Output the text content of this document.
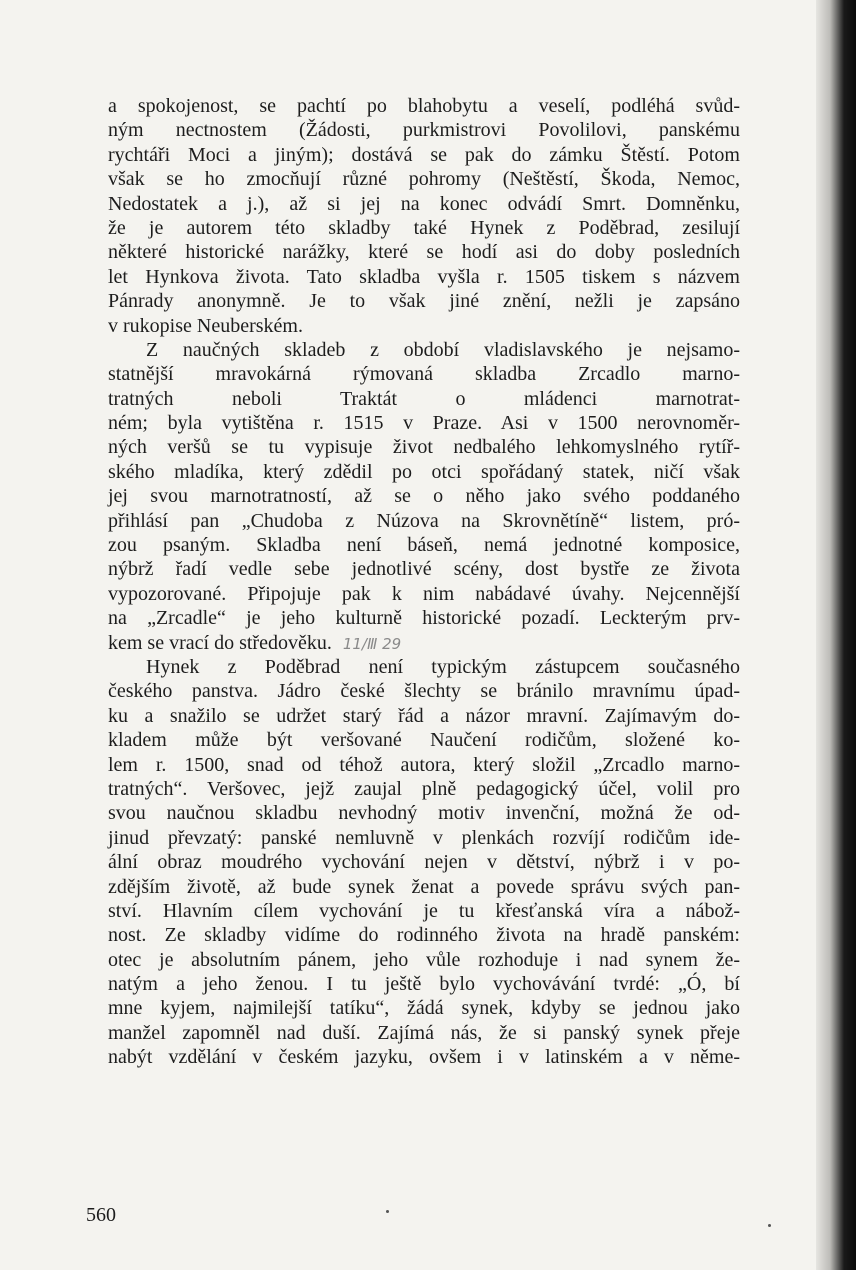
a spokojenost, se pachtí po blahobytu a veselí, podléhá svůd-
ným nectnostem (Žádosti, purkmistrovi Povolilovi, panskému
rychtáři Moci a jiným); dostává se pak do zámku Štěstí. Potom
však se ho zmocňují různé pohromy (Neštěstí, Škoda, Nemoc,
Nedostatek a j.), až si jej na konec odvádí Smrt. Domněnku,
že je autorem této skladby také Hynek z Poděbrad, zesilují
některé historické narážky, které se hodí asi do doby posledních
let Hynkova života. Tato skladba vyšla r. 1505 tiskem s názvem
Pánrady anonymně. Je to však jiné znění, nežli je zapsáno
v rukopise Neuberském.
Z naučných skladeb z období vladislavského je nejsamo-
statnější mravokárná rýmovaná skladba Zrcadlo marno-
tratných neboli Traktát o mládenci marnotrat-
ném; byla vytištěna r. 1515 v Praze. Asi v 1500 nerovnoměr-
ných veršů se tu vypisuje život nedbalého lehkomyslného rytíř-
ského mladíka, který zdědil po otci spořádaný statek, ničí však
jej svou marnotratností, až se o něho jako svého poddaného
přihlásí pan „Chudoba z Núzova na Skrovnětíně“ listem, pró-
zou psaným. Skladba není báseň, nemá jednotné komposice,
nýbrž řadí vedle sebe jednotlivé scény, dost bystře ze života
vypozorované. Připojuje pak k nim nabádavé úvahy. Nejcennější
na „Zrcadle“ je jeho kulturně historické pozadí. Leckterým prv-
kem se vrací do středověku. 11/Ⅲ 29
Hynek z Poděbrad není typickým zástupcem současného
českého panstva. Jádro české šlechty se bránilo mravnímu úpad-
ku a snažilo se udržet starý řád a názor mravní. Zajímavým do-
kladem může být veršované Naučení rodičům, složené ko-
lem r. 1500, snad od téhož autora, který složil „Zrcadlo marno-
tratných“. Veršovec, jejž zaujal plně pedagogický účel, volil pro
svou naučnou skladbu nevhodný motiv invenční, možná že od-
jinud převzatý: panské nemluvně v plenkách rozvíjí rodičům ide-
ální obraz moudrého vychování nejen v dětství, nýbrž i v po-
zdějším životě, až bude synek ženat a povede správu svých pan-
ství. Hlavním cílem vychování je tu křesťanská víra a nábož-
nost. Ze skladby vidíme do rodinného života na hradě panském:
otec je absolutním pánem, jeho vůle rozhoduje i nad synem že-
natým a jeho ženou. I tu ještě bylo vychovávání tvrdé: „Ó, bí
mne kyjem, najmilejší tatíku“, žádá synek, kdyby se jednou jako
manžel zapomněl nad duší. Zajímá nás, že si panský synek přeje
nabýt vzdělání v českém jazyku, ovšem i v latinském a v něme-
560
